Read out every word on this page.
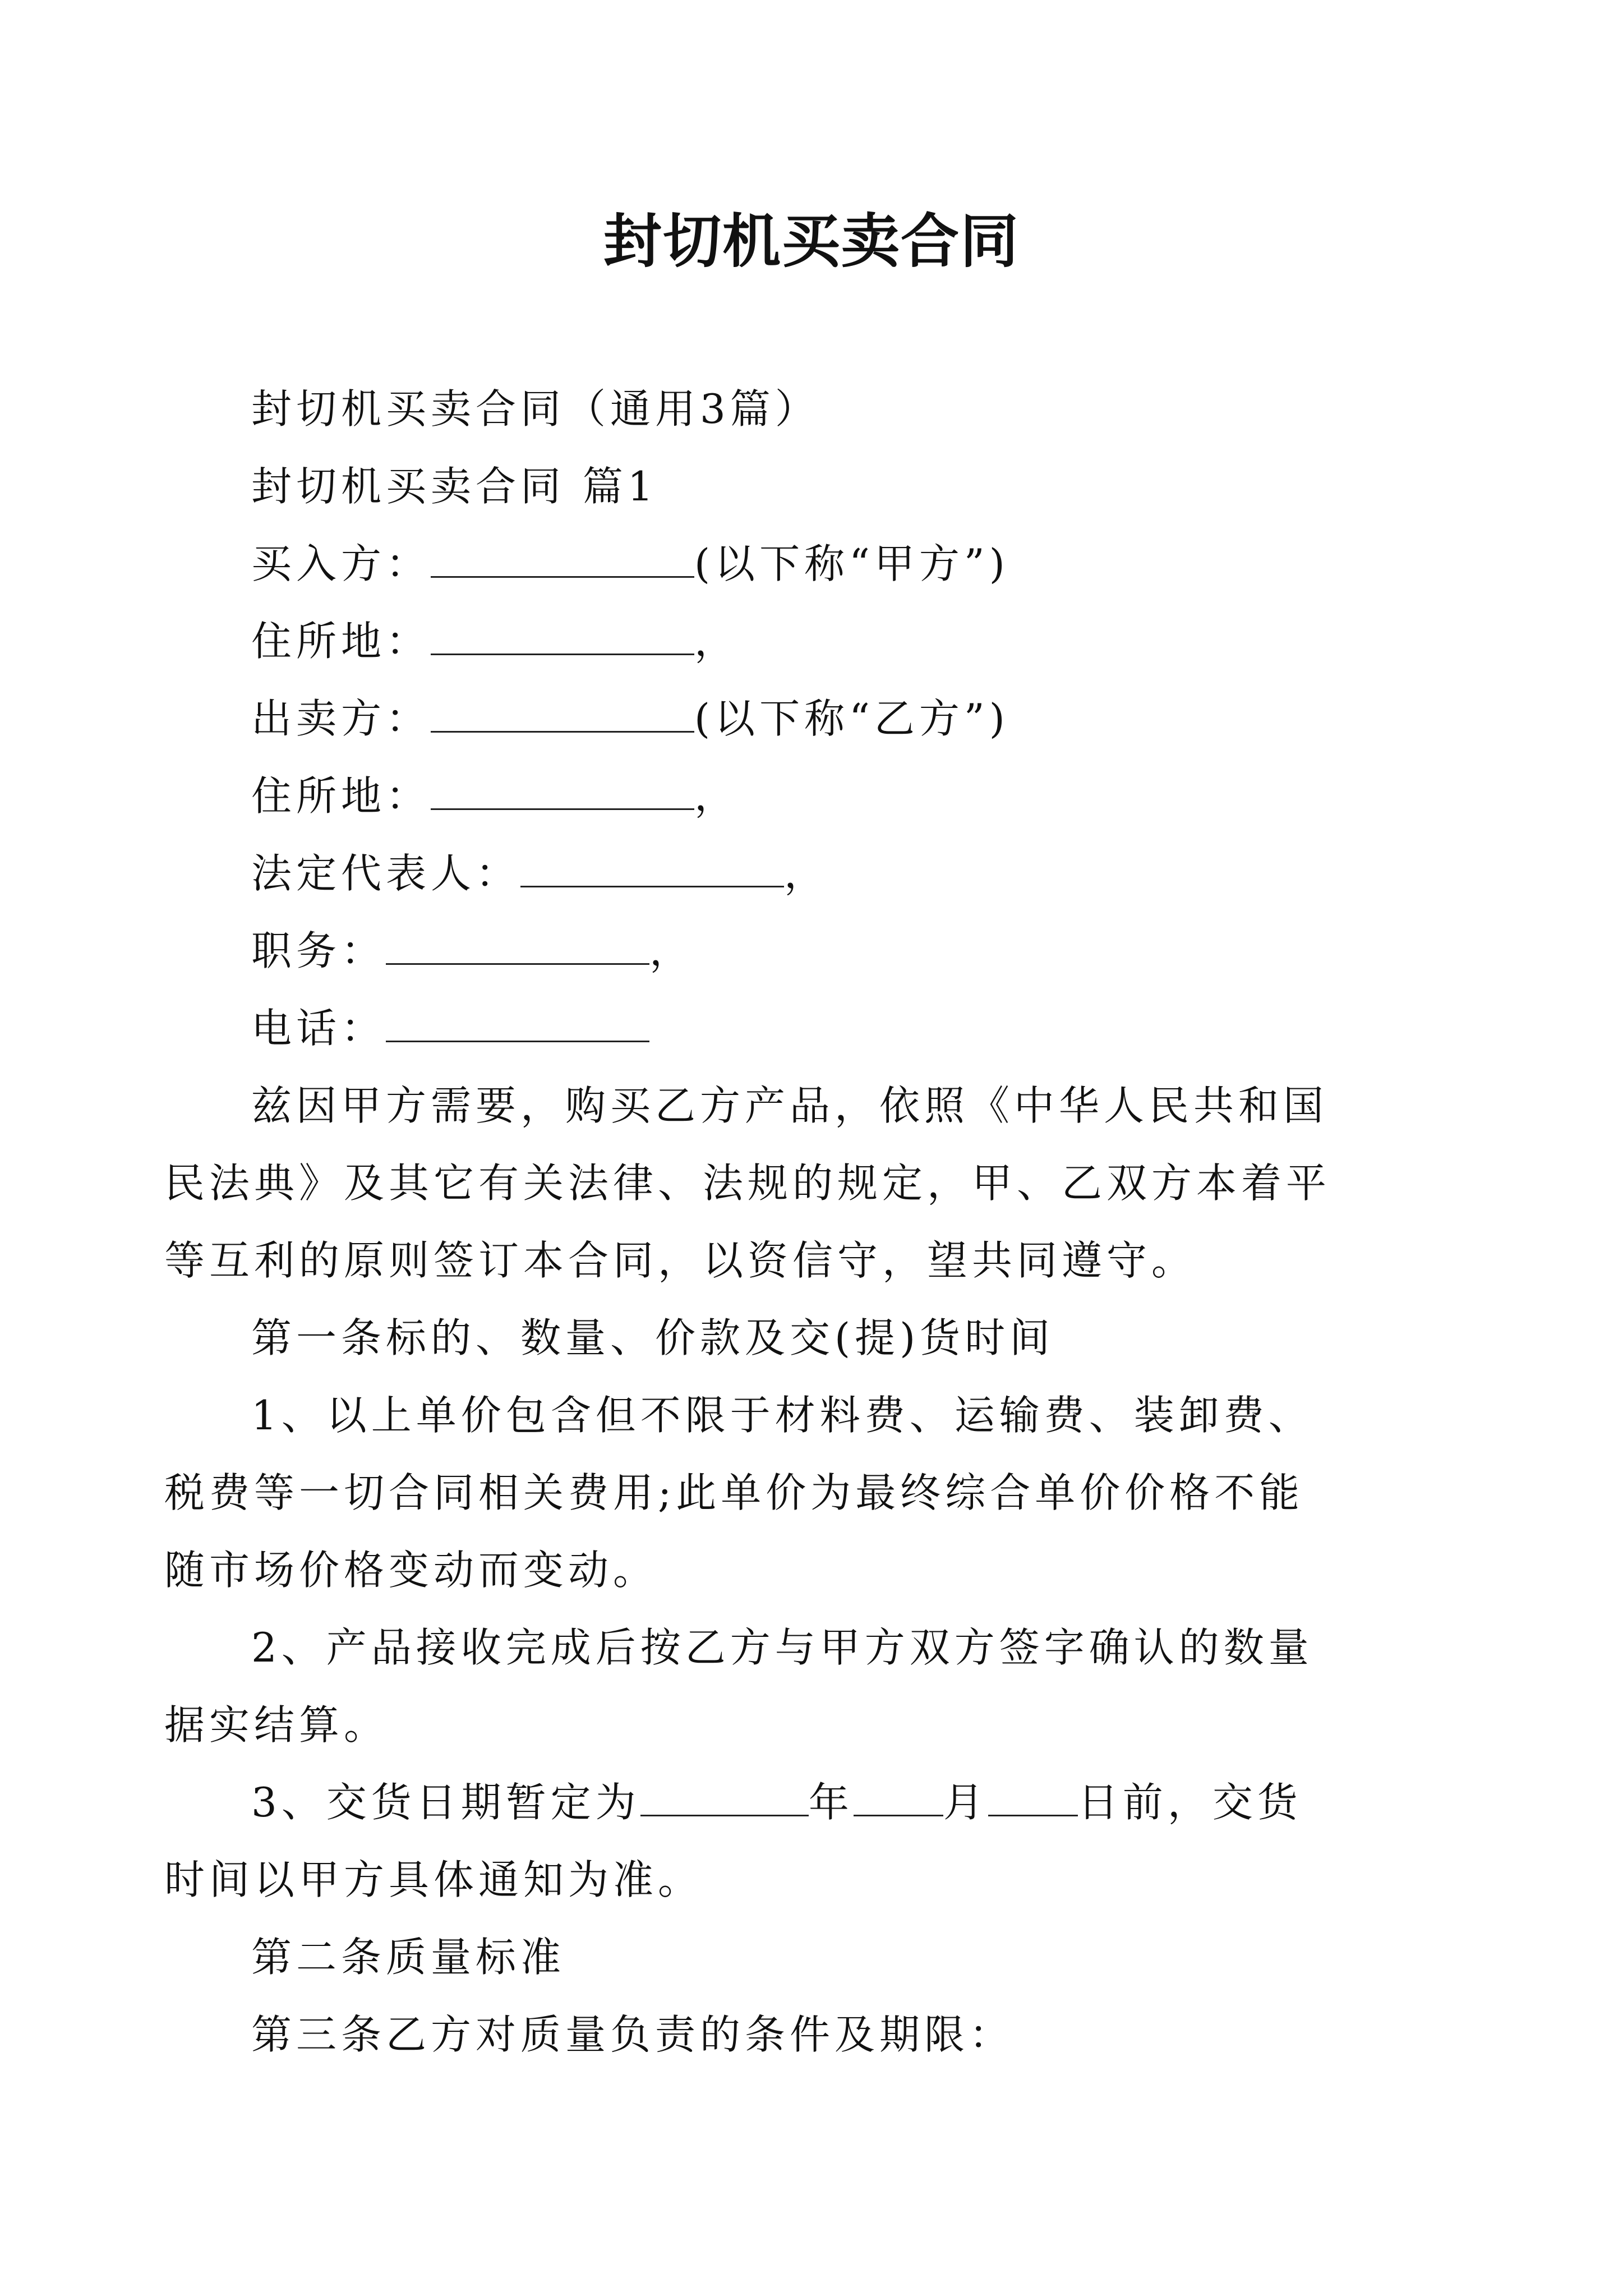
封切机买卖合同
封切机买卖合同（通用3篇）
封切机买卖合同 篇1
买入方：	(以下称“甲方”)
住所地：	，
出卖方：	(以下称“乙方”)
住所地：	，
法定代表人：	，
职务：	，
电话：
兹因甲方需要，购买乙方产品，依照《中华人民共和国
民法典》及其它有关法律、法规的规定，甲、乙双方本着平
等互利的原则签订本合同，以资信守，望共同遵守。
第一条标的、数量、价款及交(提)货时间
1、以上单价包含但不限于材料费、运输费、装卸费、
税费等一切合同相关费用;此单价为最终综合单价价格不能
随市场价格变动而变动。
2、产品接收完成后按乙方与甲方双方签字确认的数量
据实结算。
3、交货日期暂定为	年 月 日前，交货
时间以甲方具体通知为准。
第二条质量标准
第三条乙方对质量负责的条件及期限：
